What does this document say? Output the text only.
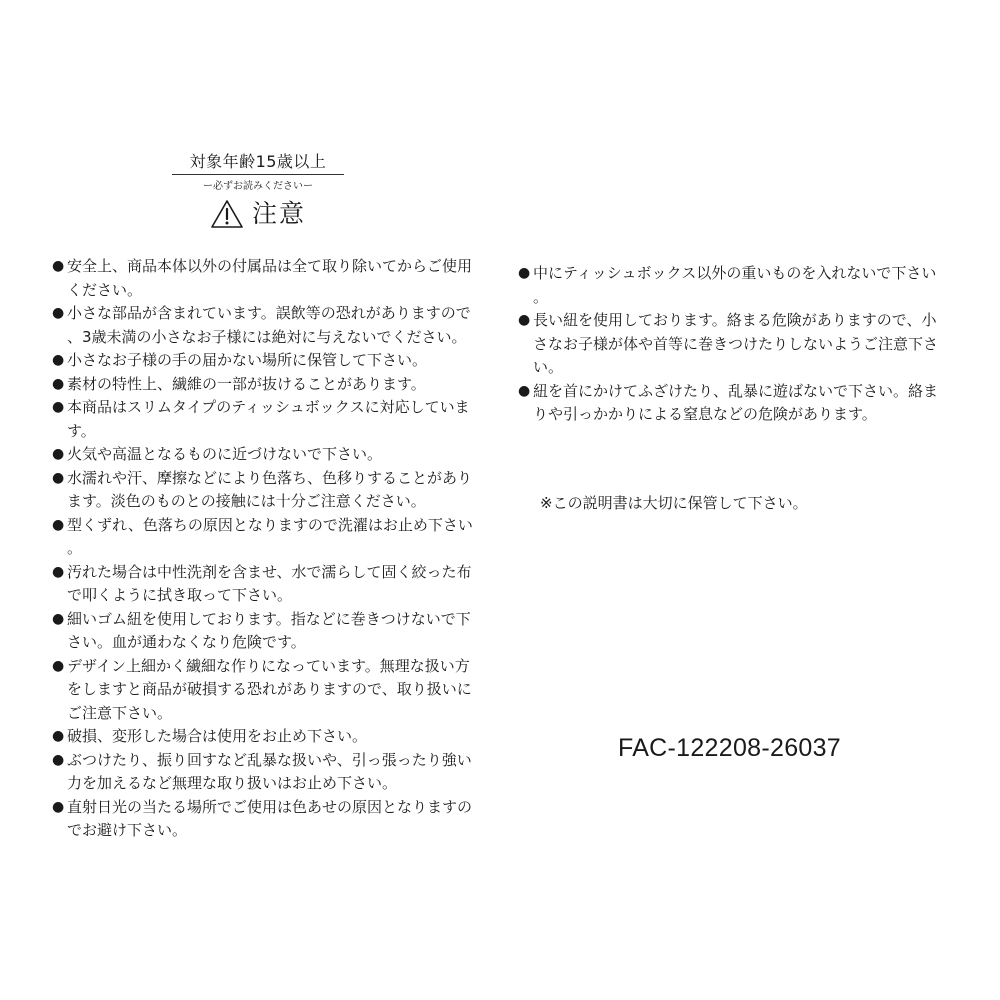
対象年齢15歳以上
ー必ずお読みくださいー
注意
● 安全上、商品本体以外の付属品は全て取り除いてからご使用ください。
● 小さな部品が含まれています。誤飲等の恐れがありますので、3歳未満の小さなお子様には絶対に与えないでください。
● 小さなお子様の手の届かない場所に保管して下さい。
● 素材の特性上、繊維の一部が抜けることがあります。
● 本商品はスリムタイプのティッシュボックスに対応しています。
● 火気や高温となるものに近づけないで下さい。
● 水濡れや汗、摩擦などにより色落ち、色移りすることがあります。淡色のものとの接触には十分ご注意ください。
● 型くずれ、色落ちの原因となりますので洗濯はお止め下さい。
● 汚れた場合は中性洗剤を含ませ、水で濡らして固く絞った布で叩くように拭き取って下さい。
● 細いゴム紐を使用しております。指などに巻きつけないで下さい。血が通わなくなり危険です。
● デザイン上細かく繊細な作りになっています。無理な扱い方をしますと商品が破損する恐れがありますので、取り扱いにご注意下さい。
● 破損、変形した場合は使用をお止め下さい。
● ぶつけたり、振り回すなど乱暴な扱いや、引っ張ったり強い力を加えるなど無理な取り扱いはお止め下さい。
● 直射日光の当たる場所でご使用は色あせの原因となりますのでお避け下さい。
● 中にティッシュボックス以外の重いものを入れないで下さい。
● 長い紐を使用しております。絡まる危険がありますので、小さなお子様が体や首等に巻きつけたりしないようご注意下さい。
● 紐を首にかけてふざけたり、乱暴に遊ばないで下さい。絡まりや引っかかりによる窒息などの危険があります。
※この説明書は大切に保管して下さい。
FAC-122208-26037
